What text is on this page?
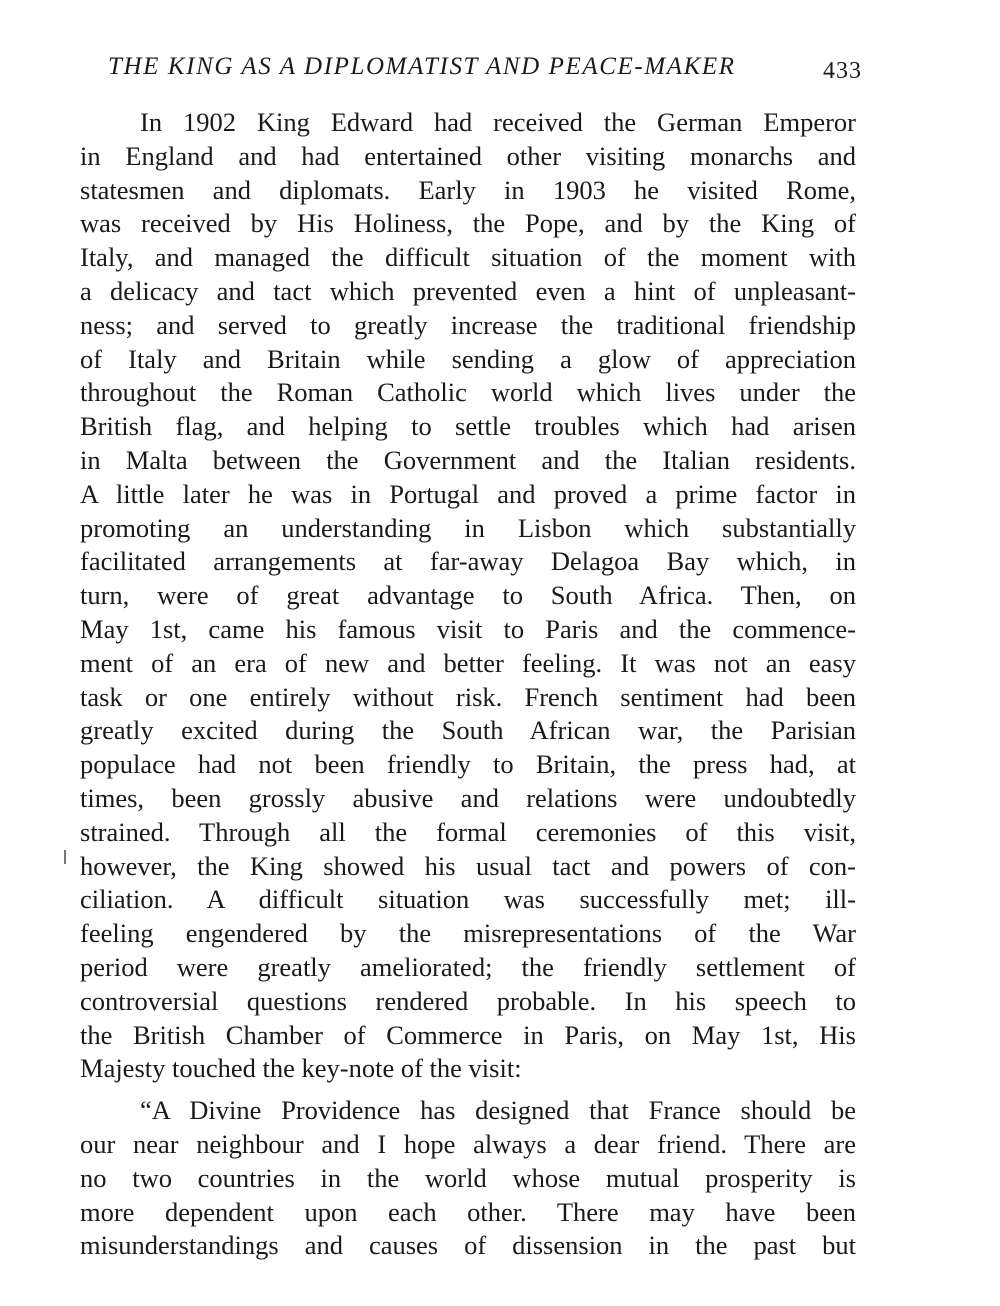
THE KING AS A DIPLOMATIST AND PEACE-MAKER	433
In 1902 King Edward had received the German Emperor
in England and had entertained other visiting monarchs and
statesmen and diplomats. Early in 1903 he visited Rome,
was received by His Holiness, the Pope, and by the King of
Italy, and managed the difficult situation of the moment with
a delicacy and tact which prevented even a hint of unpleasant-
ness; and served to greatly increase the traditional friendship
of Italy and Britain while sending a glow of appreciation
throughout the Roman Catholic world which lives under the
British flag, and helping to settle troubles which had arisen
in Malta between the Government and the Italian residents.
A little later he was in Portugal and proved a prime factor in
promoting an understanding in Lisbon which substantially
facilitated arrangements at far-away Delagoa Bay which, in
turn, were of great advantage to South Africa. Then, on
May 1st, came his famous visit to Paris and the commence-
ment of an era of new and better feeling. It was not an easy
task or one entirely without risk. French sentiment had been
greatly excited during the South African war, the Parisian
populace had not been friendly to Britain, the press had, at
times, been grossly abusive and relations were undoubtedly
strained. Through all the formal ceremonies of this visit,
however, the King showed his usual tact and powers of con-
ciliation. A difficult situation was successfully met; ill-
feeling engendered by the misrepresentations of the War
period were greatly ameliorated; the friendly settlement of
controversial questions rendered probable. In his speech to
the British Chamber of Commerce in Paris, on May 1st, His
Majesty touched the key-note of the visit:
“A Divine Providence has designed that France should be
our near neighbour and I hope always a dear friend. There are
no two countries in the world whose mutual prosperity is
more dependent upon each other. There may have been
misunderstandings and causes of dissension in the past but
